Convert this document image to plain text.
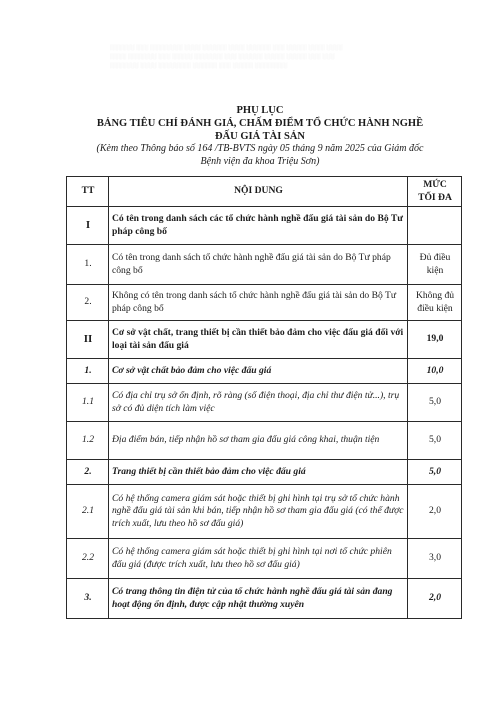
░░░░░░ ░░░ ░░░░░░░░ ░░░░ ░░░░░░ ░░░░ ░░░░░░ ░░░ ░░░░░ ░░░░ ░░░░
░░░░ ░░░░░░░ ░░░ ░░░░░ ░░░░░░░ ░░░ ░░░░░░ ░░░░░ ░░░░░ ░░░ ░░░
░░░░░░░ ░░░░ ░░░░░░░░ ░░░░░░ ░░░ ░░░░░ ░░░░░░░░
PHỤ LỤC
BẢNG TIÊU CHÍ ĐÁNH GIÁ, CHẤM ĐIỂM TỔ CHỨC HÀNH NGHỀ
ĐẤU GIÁ TÀI SẢN
(Kèm theo Thông báo số 164 /TB-BVTS ngày 05 tháng 9 năm 2025 của Giám đốc
Bệnh viện đa khoa Triệu Sơn)
TT	NỘI DUNG	MỨC
TỐI ĐA

I	Có tên trong danh sách các tổ chức hành nghề đấu giá tài sản do Bộ Tư pháp công bố	
1.	Có tên trong danh sách tổ chức hành nghề đấu giá tài sản do Bộ Tư pháp công bố	Đủ điều kiện
2.	Không có tên trong danh sách tổ chức hành nghề đấu giá tài sản do Bộ Tư pháp công bố	Không đủ điều kiện
II	Cơ sở vật chất, trang thiết bị cần thiết bảo đảm cho việc đấu giá đối với loại tài sản đấu giá	19,0
1.	Cơ sở vật chất bảo đảm cho việc đấu giá	10,0
1.1	Có địa chỉ trụ sở ổn định, rõ ràng (số điện thoại, địa chỉ thư điện tử...), trụ sở có đủ diện tích làm việc	5,0
1.2	Địa điểm bán, tiếp nhận hồ sơ tham gia đấu giá công khai, thuận tiện	5,0
2.	Trang thiết bị cần thiết bảo đảm cho việc đấu giá	5,0
2.1	Có hệ thống camera giám sát hoặc thiết bị ghi hình tại trụ sở tổ chức hành nghề đấu giá tài sản khi bán, tiếp nhận hồ sơ tham gia đấu giá (có thể được trích xuất, lưu theo hồ sơ đấu giá)	2,0
2.2	Có hệ thống camera giám sát hoặc thiết bị ghi hình tại nơi tổ chức phiên đấu giá (được trích xuất, lưu theo hồ sơ đấu giá)	3,0
3.	Có trang thông tin điện tử của tổ chức hành nghề đấu giá tài sản đang hoạt động ổn định, được cập nhật thường xuyên	2,0
